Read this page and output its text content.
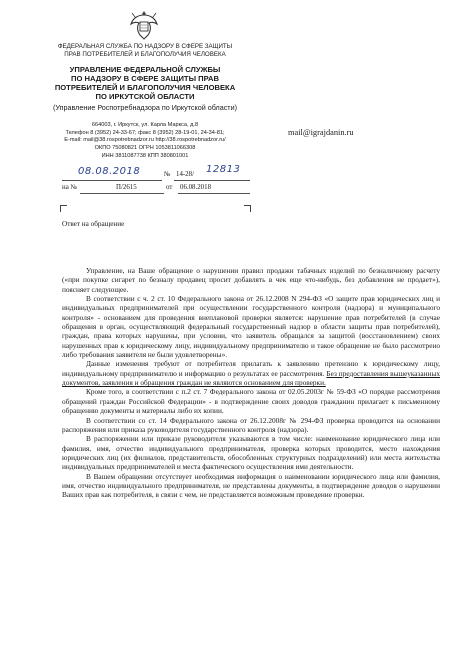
ФЕДЕРАЛЬНАЯ СЛУЖБА ПО НАДЗОРУ В СФЕРЕ ЗАЩИТЫ
ПРАВ ПОТРЕБИТЕЛЕЙ И БЛАГОПОЛУЧИЯ ЧЕЛОВЕКА
УПРАВЛЕНИЕ ФЕДЕРАЛЬНОЙ СЛУЖБЫ
ПО НАДЗОРУ В СФЕРЕ ЗАЩИТЫ ПРАВ
ПОТРЕБИТЕЛЕЙ И БЛАГОПОЛУЧИЯ ЧЕЛОВЕКА
ПО ИРКУТСКОЙ ОБЛАСТИ
(Управление Роспотребнадзора по Иркутской области)
664003, г. Иркутск, ул. Карла Маркса, д.8
Телефон 8 (3952) 24-33-67; факс 8 (3952) 28-19-01, 24-34-81;
E-mail: mail@38.rospotrebnadzor.ru http://38.rospotrebnadzor.ru/
ОКПО 75080821 ОГРН 1053811066308
ИНН 3811087738 КПП 380801001
mail@igrajdanin.ru
08.08.2018	№ 14-28/ 12813
на №	П/2615	от 06.08.2018
Ответ на обращение

Управление, на Ваше обращение о нарушении правил продажи табачных изделий по безналичному расчету («при покупке сигарет по безналу продавец просит добавлять в чек еще что-нибудь, без добавления не продает»), поясняет следующее.

В соответствии с ч. 2 ст. 10 Федерального закона от 26.12.2008 N 294-ФЗ «О защите прав юридических лиц и индивидуальных предпринимателей при осуществлении государственного контроля (надзора) и муниципального контроля» - основанием для проведения внеплановой проверки является: нарушение прав потребителей (в случае обращения в орган, осуществляющий федеральный государственный надзор в области защиты прав потребителей), граждан, права которых нарушены, при условии, что заявитель обращался за защитой (восстановлением) своих нарушенных прав к юридическому лицу, индивидуальному предпринимателю и такое обращение не было рассмотрено либо требования заявителя не были удовлетворены».

Данные изменения требуют от потребителя прилагать к заявлению претензию к юридическому лицу, индивидуальному предпринимателю и информацию о результатах ее рассмотрения. Без предоставления вышеуказанных документов, заявления и обращения граждан не являются основанием для проверки.

Кроме того, в соответствии с п.2 ст. 7 Федерального закона от 02.05.2003г № 59-ФЗ «О порядке рассмотрения обращений граждан Российской Федерации» - в подтверждение своих доводов гражданин прилагает к письменному обращению документы и материалы либо их копии.

В соответствии со ст. 14 Федерального закона от 26.12.2008г № 294-ФЗ проверка проводится на основании распоряжения или приказа руководителя государственного контроля (надзора).

В распоряжении или приказе руководителя указываются в том числе: наименование юридического лица или фамилия, имя, отчество индивидуального предпринимателя, проверка которых проводится, место нахождения юридических лиц (их филиалов, представительств, обособленных структурных подразделений) или места жительства индивидуальных предпринимателей и места фактического осуществления ими деятельности.

В Вашем обращении отсутствует необходимая информация о наименовании юридического лица или фамилия, имя, отчество индивидуального предпринимателя, не представлены документы, в подтверждение доводов о нарушении Ваших прав как потребителя, в связи с чем, не представляется возможным проведение проверки.
